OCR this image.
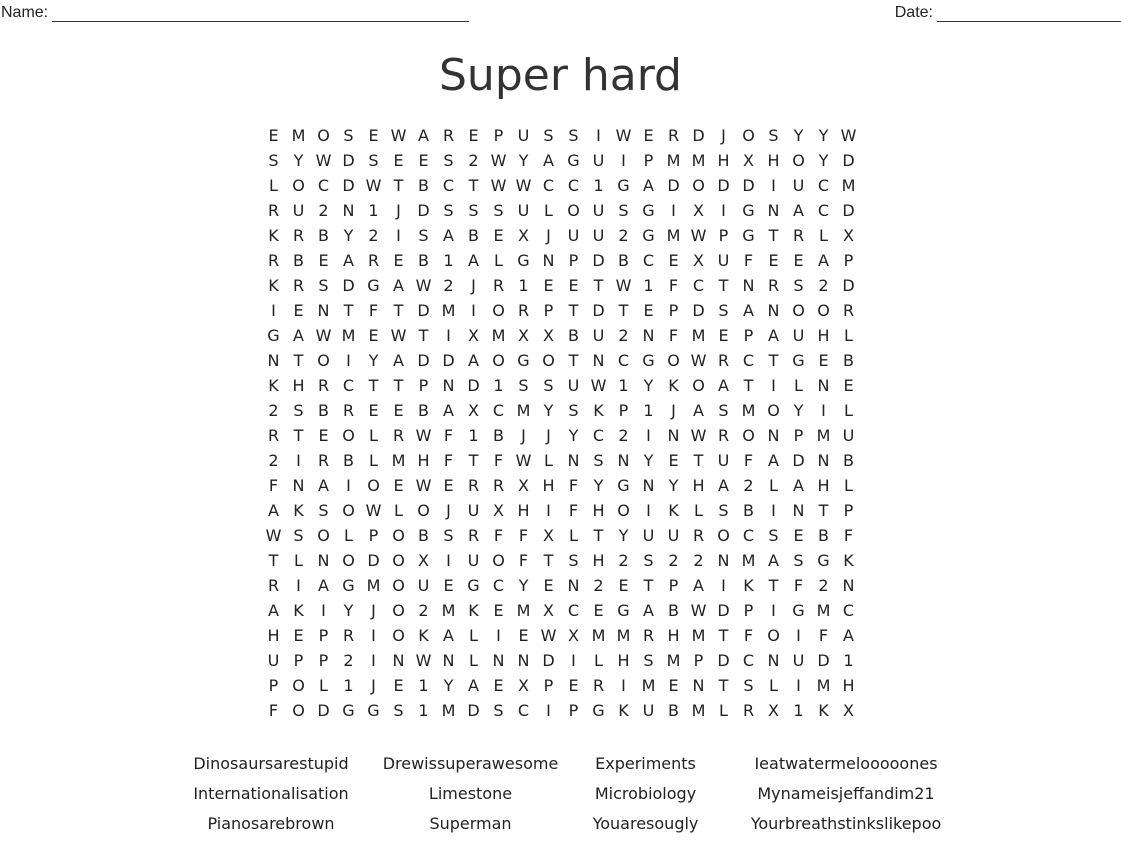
Name:	Date:
Super hard
E M O S E W A R E P U S S	I W E R D	J	O S Y Y W
S Y W D S E E S 2 W Y A G U	I	P M M H X H O Y D
L O C D W T B C T W W C C 1 G A D O D D	I	U C M
R U 2 N 1	J	D S S S U L O U S G	I	X	I	G N A C D
K R B Y 2	I	S A B E X	J	U U 2 G M W P G T R L X
R B E A R E B 1 A L G N P D B C E X U F E E A P
K R S D G A W 2	J	R 1 E E T W 1 F C T N R S 2 D
I	E N T F T D M I	O R P T D T E P D S A N O O R
G A W M E W T	I	X M X X B U 2 N F M E P A U H L
N T O	I	Y A D D A O G O T N C G O W R C T G E B
K H R C T T P N D 1 S S U W 1 Y K O A T	I	L N E
2 S B R E E B A X C M Y S K P 1	J	A S M O Y	I	L
R T E O L R W F 1 B	J	J	Y C 2	I	N W R O N P M U
2	I	R B L M H F T F W L N S N Y E T U F A D N B
F N A	I	O E W E R R X H F Y G N Y H A 2 L A H L
A K S O W L O	J	U X H	I	F H O	I	K L S B	I	N T P
W S O L P O B S R F F X L T Y U U R O C S E B F
T L N O D O X	I	U O F T S H 2 S 2 2 N M A S G K
R	I	A G M O U E G C Y E N 2 E T P A	I	K T F 2 N
A K	I	Y	J	O 2 M K E M X C E G A B W D P	I	G M C
H E P R	I	O K A L	I	E W X M M R H M T F O	I	F A
U P P 2	I	N W N L N N D	I	L H S M P D C N U D 1
P O L 1	J	E 1 Y A E X P E R	I M E N T S L	I M H
F O D G G S 1 M D S C	I	P G K U B M L R X 1 K X
Dinosaursarestupid	Drewissuperawesome	Experiments	Ieatwatermelooooones
Internationalisation	Limestone	Microbiology	Mynameisjeffandim21
Pianosarebrown	Superman	Youaresougly	Yourbreathstinkslikepoo
